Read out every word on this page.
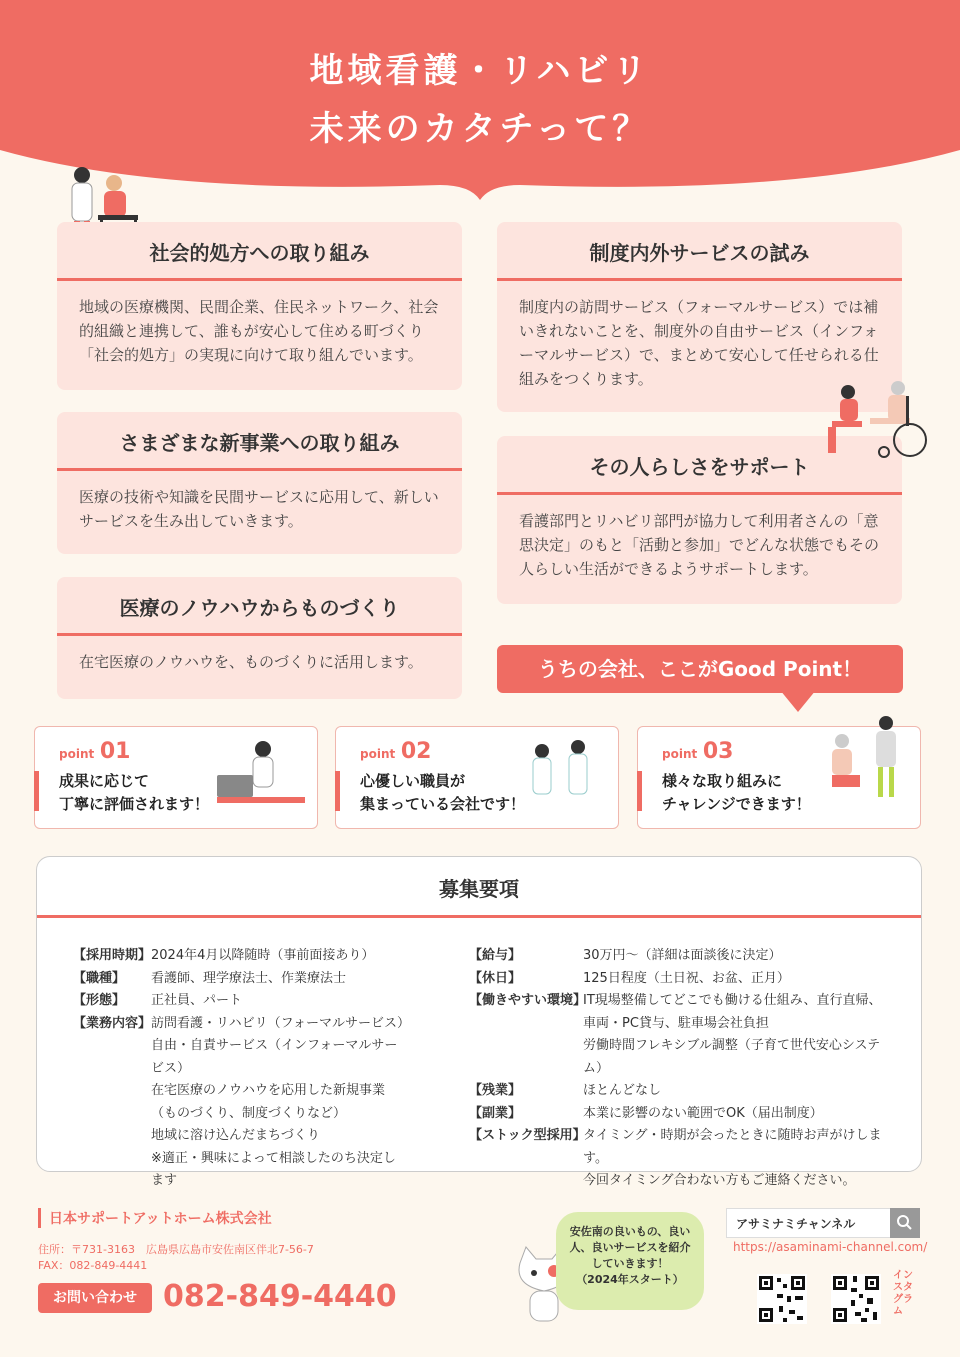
地域看護・リハビリ
未来のカタチって？
社会的処方への取り組み
地域の医療機関、民間企業、住民ネットワーク、社会的組織と連携して、誰もが安心して住める町づくり「社会的処方」の実現に向けて取り組んでいます。
さまざまな新事業への取り組み
医療の技術や知識を民間サービスに応用して、新しいサービスを生み出していきます。
医療のノウハウからものづくり
在宅医療のノウハウを、ものづくりに活用します。
制度内外サービスの試み
制度内の訪問サービス（フォーマルサービス）では補いきれないことを、制度外の自由サービス（インフォーマルサービス）で、まとめて安心して任せられる仕組みをつくります。
その人らしさをサポート
看護部門とリハビリ部門が協力して利用者さんの「意思決定」のもと「活動と参加」でどんな状態でもその人らしい生活ができるようサポートします。
うちの会社、ここがGood Point！
point 01
成果に応じて
丁寧に評価されます！
point 02
心優しい職員が
集まっている会社です！
point 03
様々な取り組みに
チャレンジできます！
募集要項
【採用時期】 2024年4月以降随時（事前面接あり）
【職種】	看護師、理学療法士、作業療法士
【形態】	正社員、パート
【業務内容】 訪問看護・リハビリ（フォーマルサービス）
自由・自責サービス（インフォーマルサービス）
在宅医療のノウハウを応用した新規事業（ものづくり、制度づくりなど）
地域に溶け込んだまちづくり
※適正・興味によって相談したのち決定します
【給与】	30万円〜（詳細は面談後に決定）
【休日】	125日程度（土日祝、お盆、正月）
【働きやすい環境】
IT現場整備してどこでも働ける仕組み、直行直帰、車両・PC貸与、駐車場会社負担
労働時間フレキシブル調整（子育て世代安心システム）
【残業】	ほとんどなし
【副業】	本業に影響のない範囲でOK（届出制度）
【ストック型採用】
タイミング・時期が会ったときに随時お声がけします。
今回タイミング合わない方もご連絡ください。
日本サポートアットホーム株式会社
住所：〒731-3163　広島県広島市安佐南区伴北7-56-7
FAX：082-849-4441
お問い合わせ 082-849-4440
安佐南の良いもの、良い
人、良いサービスを紹介
していきます！
（2024年スタート）
アサミナミチャンネル
https://asaminami-channel.com/
インスタグラム
